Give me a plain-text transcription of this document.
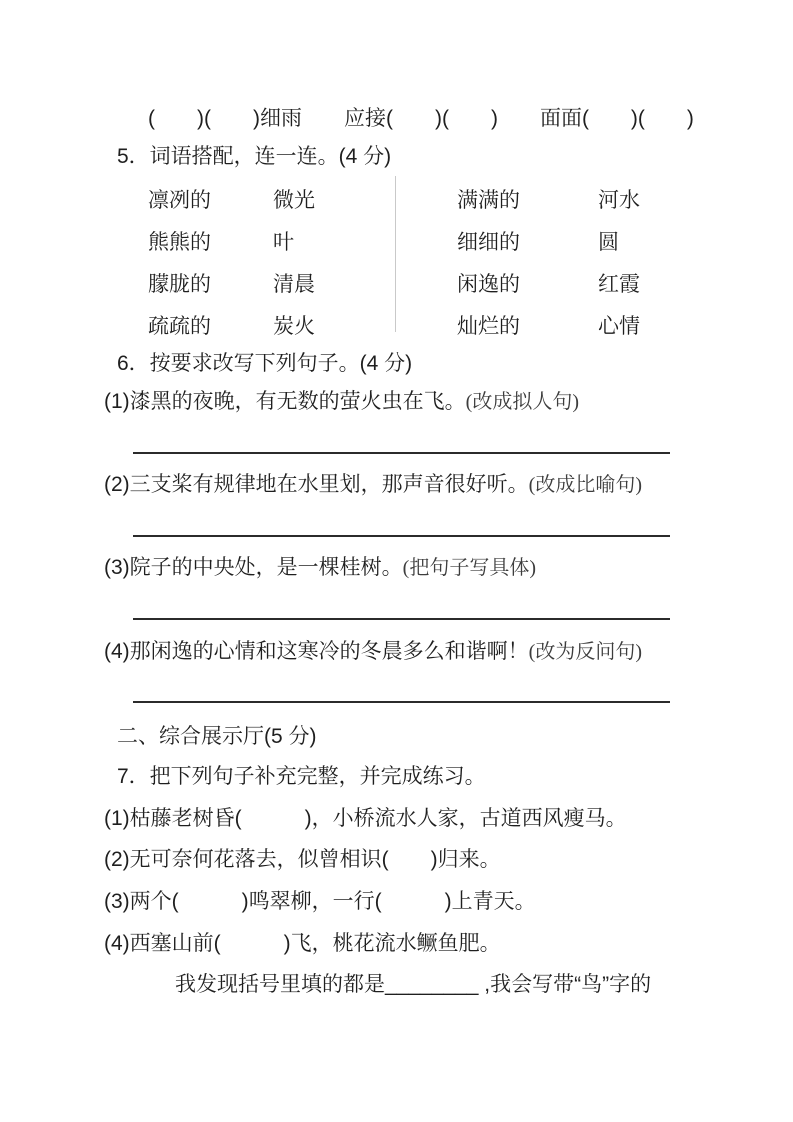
(　　)(　　)细雨　　应接(　　)(　　)　　面面(　　)(　　)
5．词语搭配，连一连。(4 分)
凛冽的
熊熊的
朦胧的
疏疏的
微光
叶
清晨
炭火
满满的
细细的
闲逸的
灿烂的
河水
圆
红霞
心情
6．按要求改写下列句子。(4 分)
(1)漆黑的夜晚，有无数的萤火虫在飞。(改成拟人句)
(2)三支桨有规律地在水里划，那声音很好听。(改成比喻句)
(3)院子的中央处，是一棵桂树。(把句子写具体)
(4)那闲逸的心情和这寒冷的冬晨多么和谐啊！(改为反问句)
二、综合展示厅(5 分)
7．把下列句子补充完整，并完成练习。
(1)枯藤老树昏(　　　)，小桥流水人家，古道西风瘦马。
(2)无可奈何花落去，似曾相识(　　)归来。
(3)两个(　　　)鸣翠柳，一行(　　　)上青天。
(4)西塞山前(　　　)飞，桃花流水鳜鱼肥。
我发现括号里填的都是________ ,我会写带“鸟”字的
